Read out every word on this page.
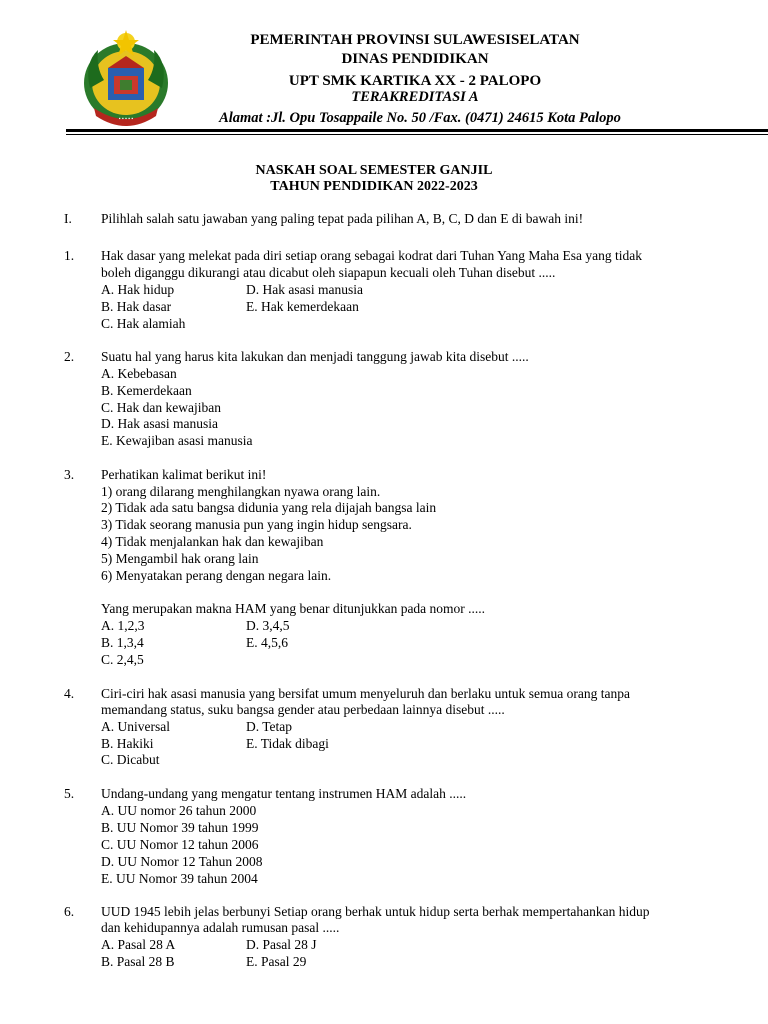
▪ ▪ ▪ ▪ ▪
PEMERINTAH PROVINSI SULAWESISELATAN
DINAS PENDIDIKAN
UPT SMK KARTIKA XX - 2 PALOPO
TERAKREDITASI A
Alamat :Jl. Opu Tosappaile No. 50 /Fax. (0471) 24615 Kota Palopo
NASKAH SOAL SEMESTER GANJIL
TAHUN PENDIDIKAN 2022-2023
I. Pilihlah salah satu jawaban yang paling tepat pada pilihan A, B, C, D dan E di bawah ini!
1. Hak dasar yang melekat pada diri setiap orang sebagai kodrat dari Tuhan Yang Maha Esa yang tidak
boleh diganggu dikurangi atau dicabut oleh siapapun kecuali oleh Tuhan disebut .....
A. Hak hidup	D. Hak asasi manusia
B. Hak dasar	E. Hak kemerdekaan
C. Hak alamiah
2. Suatu hal yang harus kita lakukan dan menjadi tanggung jawab kita disebut .....
A. Kebebasan
B. Kemerdekaan
C. Hak dan kewajiban
D. Hak asasi manusia
E. Kewajiban asasi manusia
3. Perhatikan kalimat berikut ini!
1) orang dilarang menghilangkan nyawa orang lain.
2) Tidak ada satu bangsa didunia yang rela dijajah bangsa lain
3) Tidak seorang manusia pun yang ingin hidup sengsara.
4) Tidak menjalankan hak dan kewajiban
5) Mengambil hak orang lain
6) Menyatakan perang dengan negara lain.
Yang merupakan makna HAM yang benar ditunjukkan pada nomor .....
A. 1,2,3	D. 3,4,5
B. 1,3,4	E. 4,5,6
C. 2,4,5
4. Ciri-ciri hak asasi manusia yang bersifat umum menyeluruh dan berlaku untuk semua orang tanpa
memandang status, suku bangsa gender atau perbedaan lainnya disebut .....
A. Universal	D. Tetap
B. Hakiki	E. Tidak dibagi
C. Dicabut
5. Undang-undang yang mengatur tentang instrumen HAM adalah .....
A. UU nomor 26 tahun 2000
B. UU Nomor 39 tahun 1999
C. UU Nomor 12 tahun 2006
D. UU Nomor 12 Tahun 2008
E. UU Nomor 39 tahun 2004
6. UUD 1945 lebih jelas berbunyi Setiap orang berhak untuk hidup serta berhak mempertahankan hidup
dan kehidupannya adalah rumusan pasal .....
A. Pasal 28 A	D. Pasal 28 J
B. Pasal 28 B	E. Pasal 29
